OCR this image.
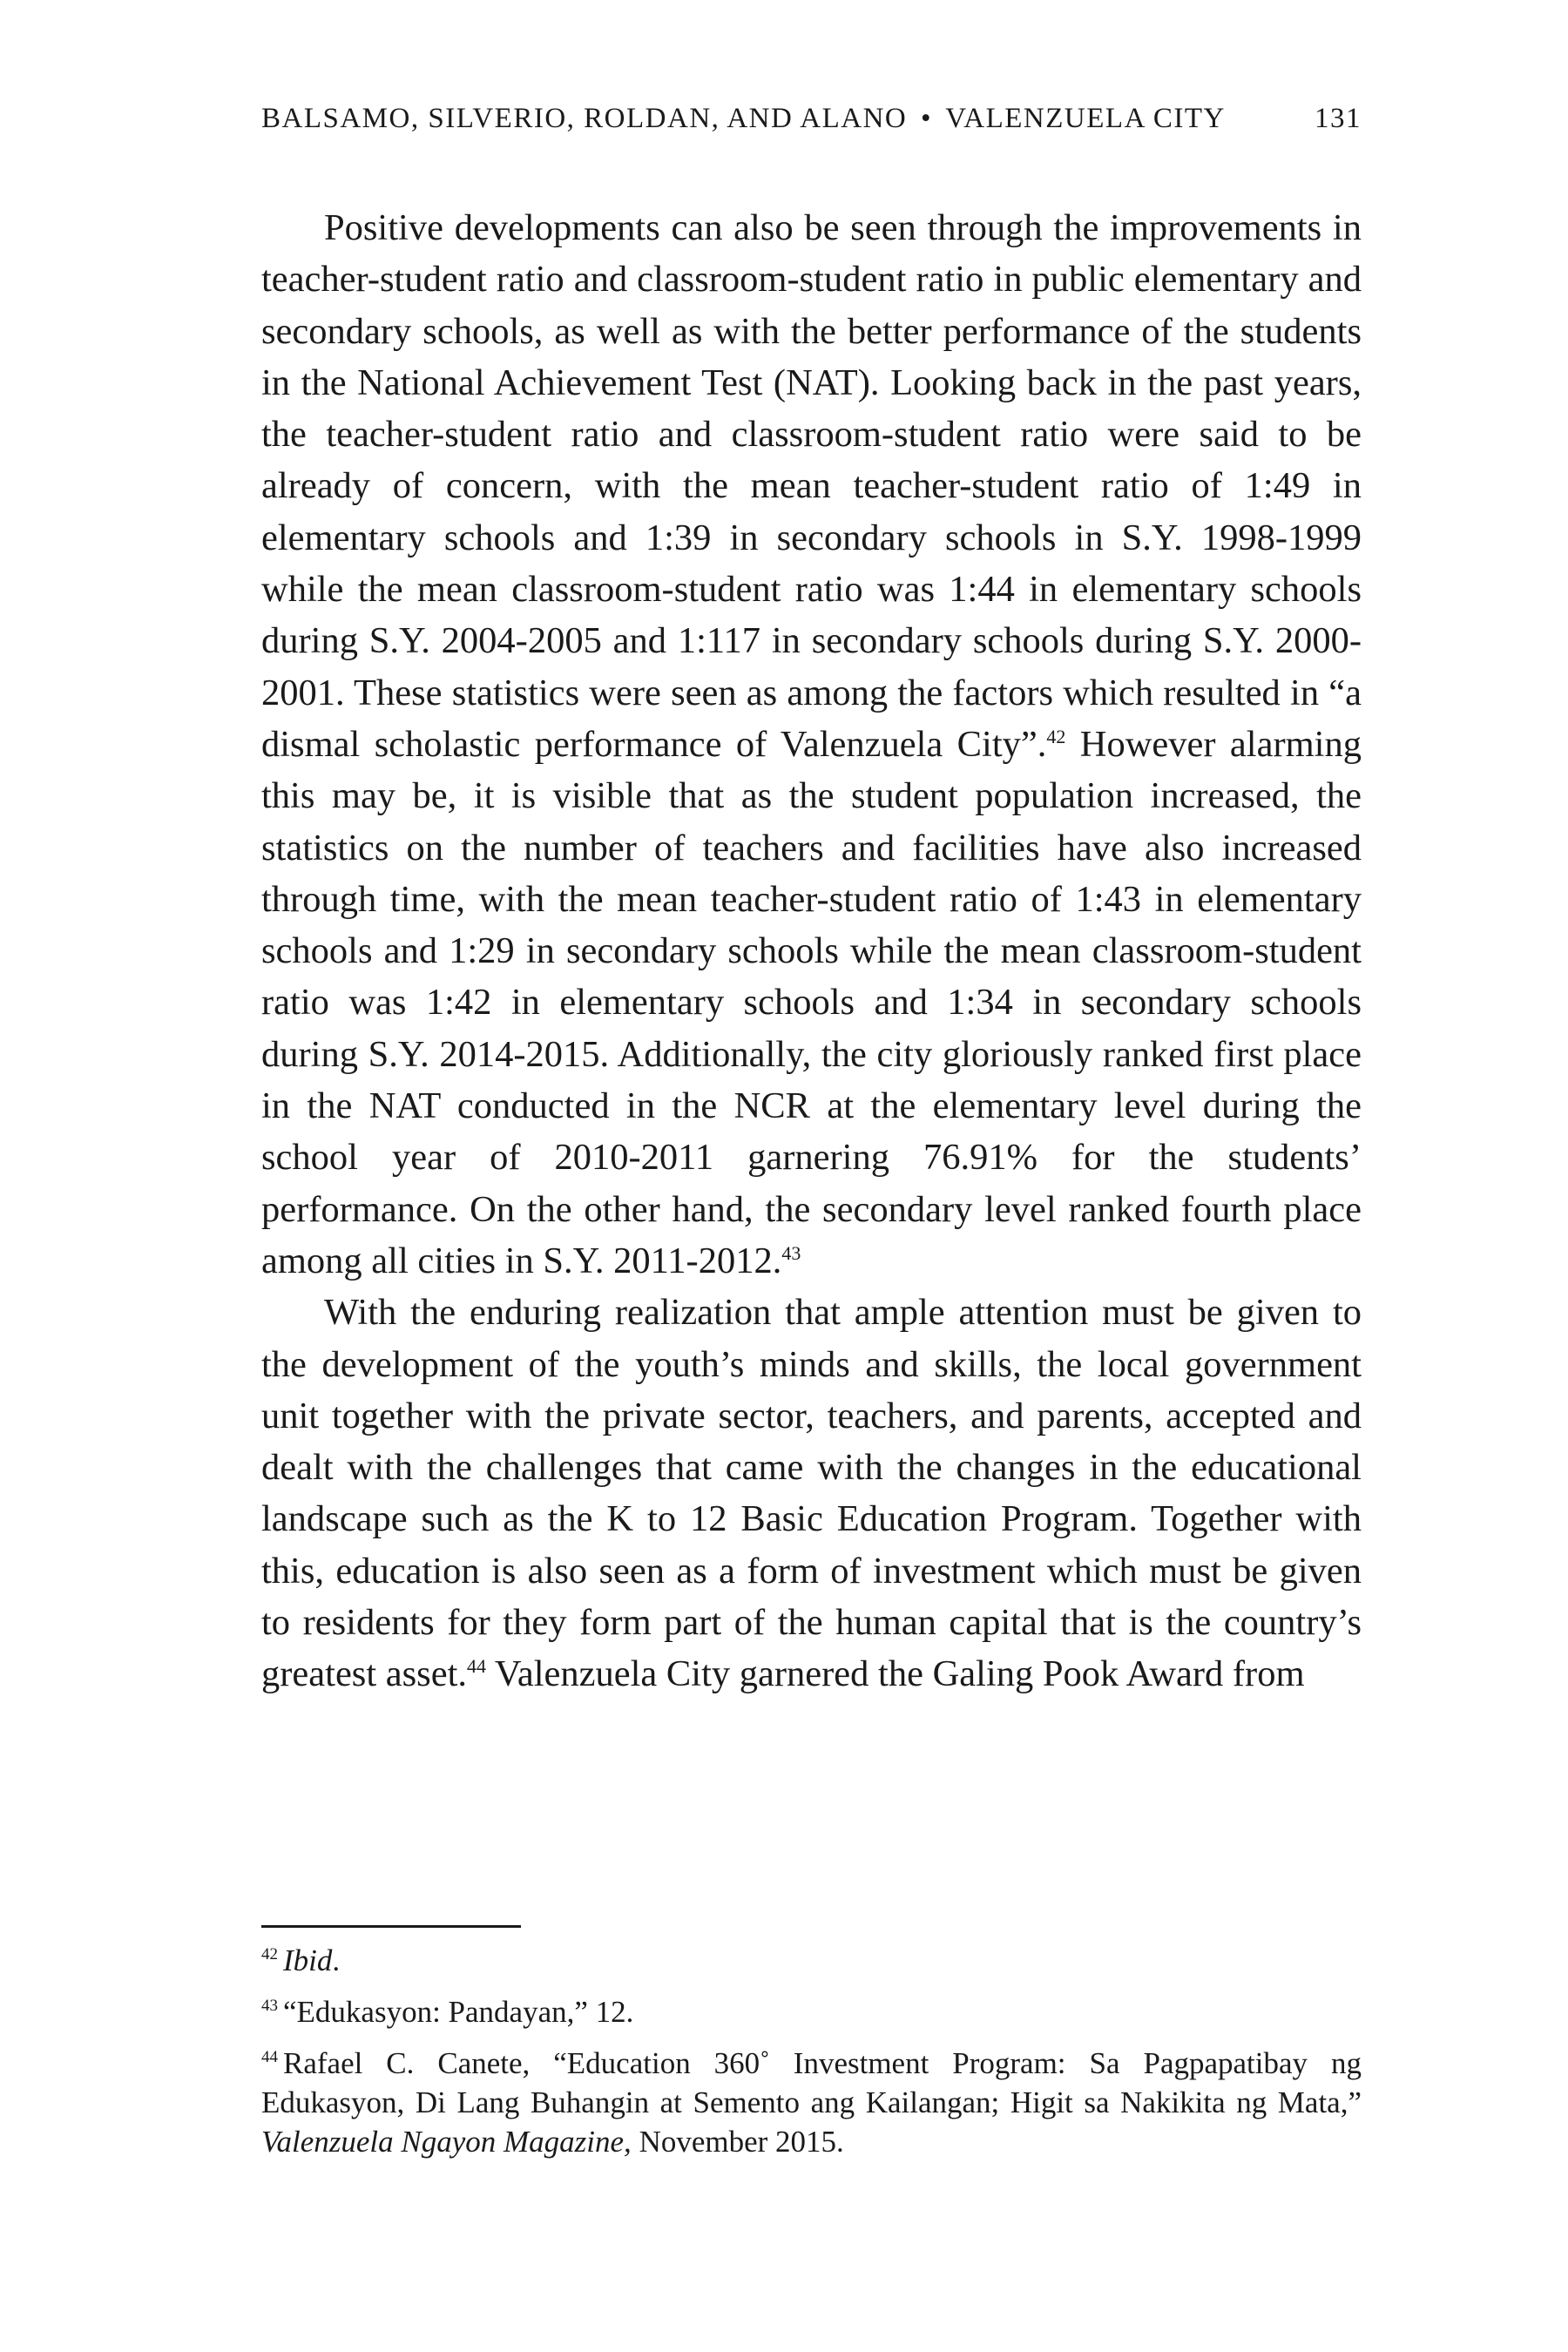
BALSAMO, SILVERIO, ROLDAN, AND ALANO • VALENZUELA CITY	131

Positive developments can also be seen through the improvements in teacher-student ratio and classroom-student ratio in public elementary and secondary schools, as well as with the better performance of the students in the National Achievement Test (NAT). Looking back in the past years, the teacher-student ratio and classroom-student ratio were said to be already of concern, with the mean teacher-student ratio of 1:49 in elementary schools and 1:39 in secondary schools in S.Y. 1998-1999 while the mean classroom-student ratio was 1:44 in elementary schools during S.Y. 2004-2005 and 1:117 in secondary schools during S.Y. 2000-2001. These statistics were seen as among the factors which resulted in “a dismal scholastic performance of Valenzuela City”.$^{42}$ However alarming this may be, it is visible that as the student population increased, the statistics on the number of teachers and facilities have also increased through time, with the mean teacher-student ratio of 1:43 in elementary schools and 1:29 in secondary schools while the mean classroom-student ratio was 1:42 in elementary schools and 1:34 in secondary schools during S.Y. 2014-2015. Additionally, the city gloriously ranked first place in the NAT conducted in the NCR at the elementary level during the school year of 2010-2011 garnering 76.91% for the students’ performance. On the other hand, the secondary level ranked fourth place among all cities in S.Y. 2011-2012.43

With the enduring realization that ample attention must be given to the development of the youth’s minds and skills, the local government unit together with the private sector, teachers, and parents, accepted and dealt with the challenges that came with the changes in the educational landscape such as the K to 12 Basic Education Program. Together with this, education is also seen as a form of investment which must be given to residents for they form part of the human capital that is the country’s greatest asset.$^{44}$ Valenzuela City garnered the Galing Pook Award from

$^{42}$ Ibid.
$^{43}$ “Edukasyon: Pandayan,” 12.
$^{44}$ Rafael C. Canete, “Education 360˚ Investment Program: Sa Pagpapatibay ng Edukasyon, Di Lang Buhangin at Semento ang Kailangan; Higit sa Nakikita ng Mata,” Valenzuela Ngayon Magazine, November 2015.
